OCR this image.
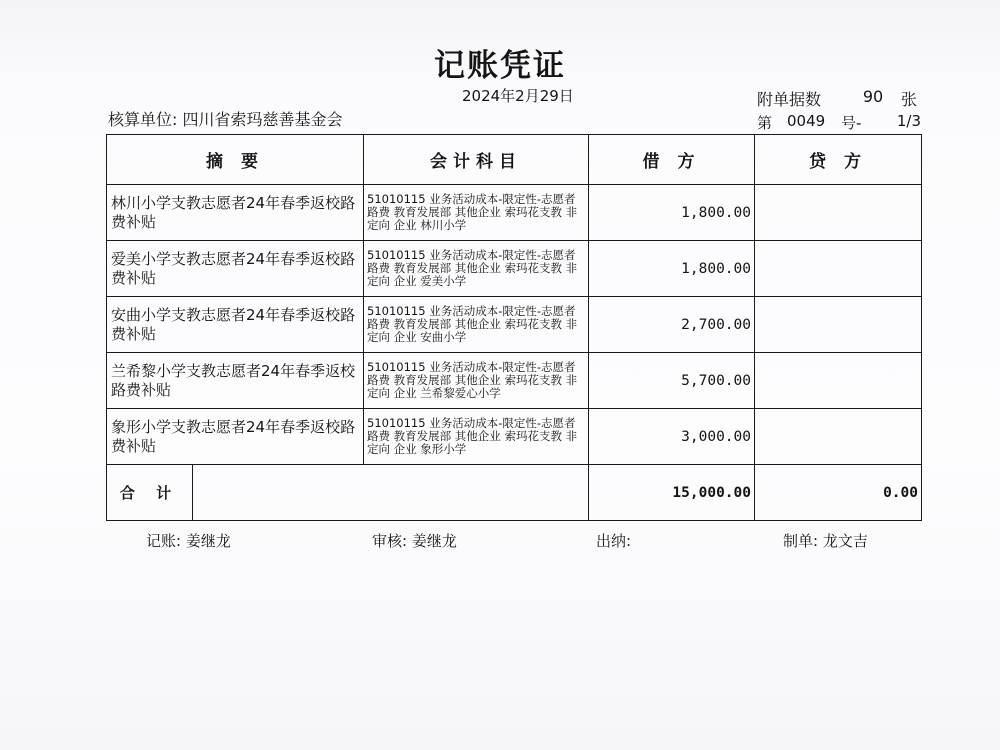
记账凭证
2024年2月29日	附单据数	90	张
核算单位: 四川省索玛慈善基金会	第 0049	号-	1/3
摘 要	会计科目	借 方	贷 方
林川小学支教志愿者24年春季返校路费补贴	51010115 业务活动成本-限定性-志愿者路费 教育发展部 其他企业 索玛花支教 非定向 企业 林川小学	1,800.00	
爱美小学支教志愿者24年春季返校路费补贴	51010115 业务活动成本-限定性-志愿者路费 教育发展部 其他企业 索玛花支教 非定向 企业 爱美小学	1,800.00	
安曲小学支教志愿者24年春季返校路费补贴	51010115 业务活动成本-限定性-志愿者路费 教育发展部 其他企业 索玛花支教 非定向 企业 安曲小学	2,700.00	
兰希黎小学支教志愿者24年春季返校路费补贴	51010115 业务活动成本-限定性-志愿者路费 教育发展部 其他企业 索玛花支教 非定向 企业 兰希黎爱心小学	5,700.00	
象形小学支教志愿者24年春季返校路费补贴	51010115 业务活动成本-限定性-志愿者路费 教育发展部 其他企业 索玛花支教 非定向 企业 象形小学	3,000.00	

合 计		15,000.00	0.00
记账: 姜继龙	审核: 姜继龙	出纳:	制单: 龙文吉
